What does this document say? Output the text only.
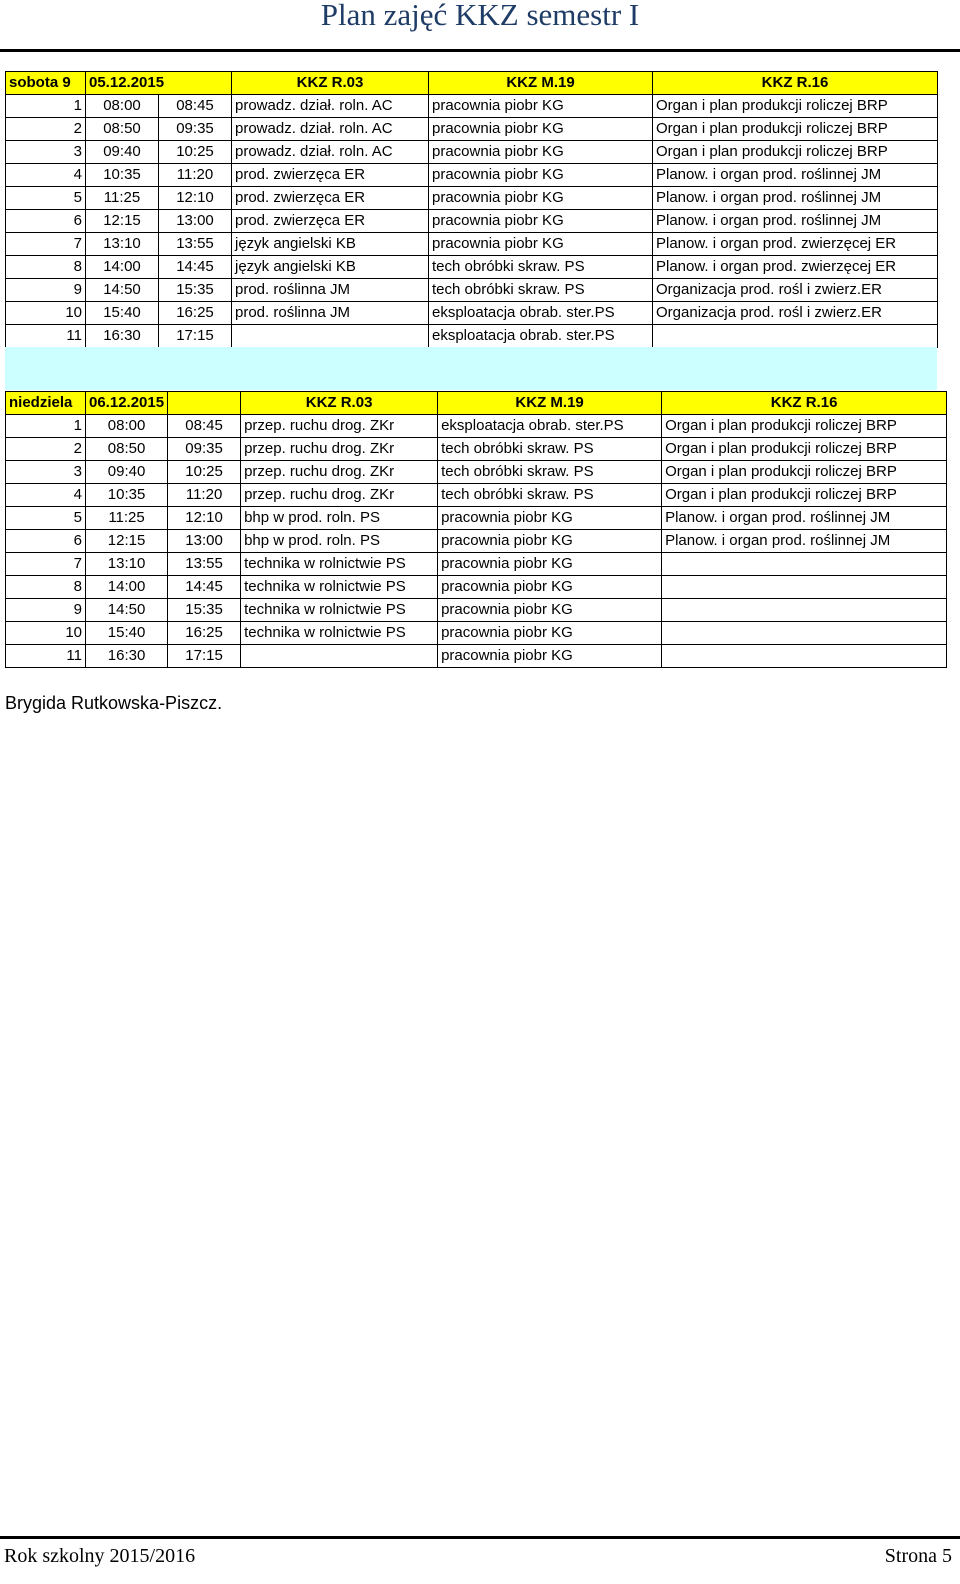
Plan zajęć KKZ semestr I
sobota 9	05.12.2015		KKZ R.03	KKZ M.19	KKZ R.16
1	08:00	08:45	prowadz. dział. roln. AC	pracownia piobr KG	Organ i plan produkcji roliczej BRP
2	08:50	09:35	prowadz. dział. roln. AC	pracownia piobr KG	Organ i plan produkcji roliczej BRP
3	09:40	10:25	prowadz. dział. roln. AC	pracownia piobr KG	Organ i plan produkcji roliczej BRP
4	10:35	11:20	prod. zwierzęca ER	pracownia piobr KG	Planow. i organ prod. roślinnej JM
5	11:25	12:10	prod. zwierzęca ER	pracownia piobr KG	Planow. i organ prod. roślinnej JM
6	12:15	13:00	prod. zwierzęca ER	pracownia piobr KG	Planow. i organ prod. roślinnej JM
7	13:10	13:55	język angielski KB	pracownia piobr KG	Planow. i organ prod. zwierzęcej ER
8	14:00	14:45	język angielski KB	tech obróbki skraw. PS	Planow. i organ prod. zwierzęcej ER
9	14:50	15:35	prod. roślinna JM	tech obróbki skraw. PS	Organizacja prod. rośl i zwierz.ER
10	15:40	16:25	prod. roślinna JM	eksploatacja obrab. ster.PS	Organizacja prod. rośl i zwierz.ER
11	16:30	17:15		eksploatacja obrab. ster.PS	
niedziela	06.12.2015		KKZ R.03	KKZ M.19	KKZ R.16
1	08:00	08:45	przep. ruchu drog. ZKr	eksploatacja obrab. ster.PS	Organ i plan produkcji roliczej BRP
2	08:50	09:35	przep. ruchu drog. ZKr	tech obróbki skraw. PS	Organ i plan produkcji roliczej BRP
3	09:40	10:25	przep. ruchu drog. ZKr	tech obróbki skraw. PS	Organ i plan produkcji roliczej BRP
4	10:35	11:20	przep. ruchu drog. ZKr	tech obróbki skraw. PS	Organ i plan produkcji roliczej BRP
5	11:25	12:10	bhp w prod. roln. PS	pracownia piobr KG	Planow. i organ prod. roślinnej JM
6	12:15	13:00	bhp w prod. roln. PS	pracownia piobr KG	Planow. i organ prod. roślinnej JM
7	13:10	13:55	technika w rolnictwie PS	pracownia piobr KG	
8	14:00	14:45	technika w rolnictwie PS	pracownia piobr KG	
9	14:50	15:35	technika w rolnictwie PS	pracownia piobr KG	
10	15:40	16:25	technika w rolnictwie PS	pracownia piobr KG	
11	16:30	17:15		pracownia piobr KG	
Brygida Rutkowska-Piszcz.
Rok szkolny 2015/2016	Strona 5
